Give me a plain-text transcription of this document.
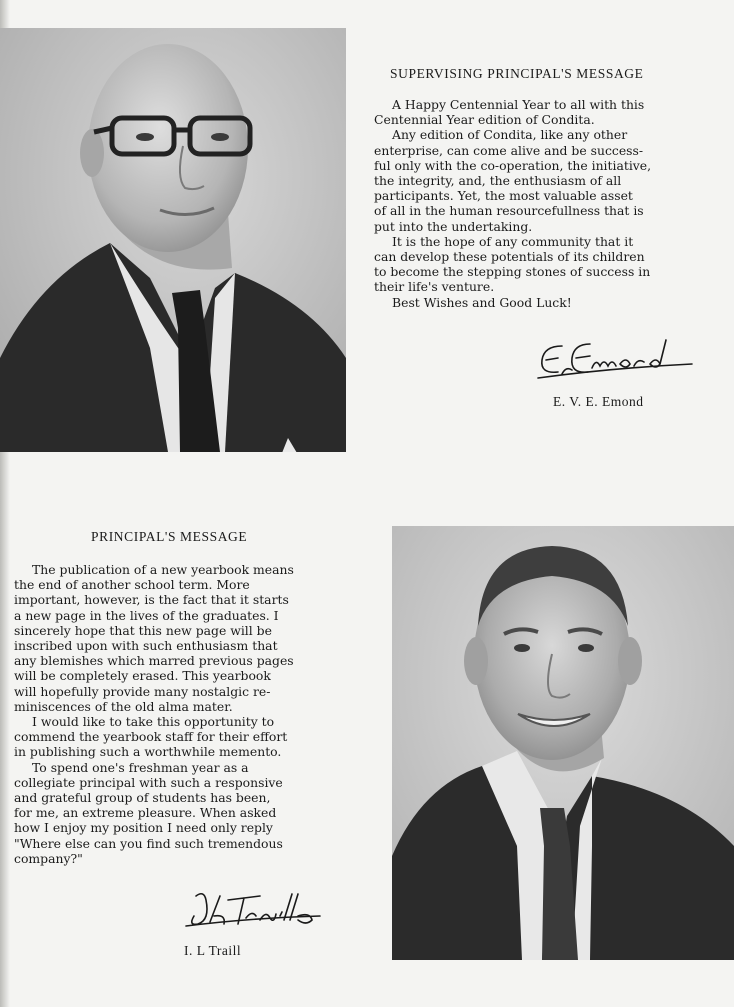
SUPERVISING PRINCIPAL'S MESSAGE
A Happy Centennial Year to all with this
Centennial Year edition of Condita.
Any edition of Condita, like any other
enterprise, can come alive and be success-
ful only with the co-operation, the initiative,
the integrity, and, the enthusiasm of all
participants. Yet, the most valuable asset
of all in the human resourcefullness that is
put into the undertaking.
It is the hope of any community that it
can develop these potentials of its children
to become the stepping stones of success in
their life's venture.
Best Wishes and Good Luck!

E. V. E. Emond

PRINCIPAL'S MESSAGE
The publication of a new yearbook means
the end of another school term. More
important, however, is the fact that it starts
a new page in the lives of the graduates. I
sincerely hope that this new page will be
inscribed upon with such enthusiasm that
any blemishes which marred previous pages
will be completely erased. This yearbook
will hopefully provide many nostalgic re-
miniscences of the old alma mater.
I would like to take this opportunity to
commend the yearbook staff for their effort
in publishing such a worthwhile memento.
To spend one's freshman year as a
collegiate principal with such a responsive
and grateful group of students has been,
for me, an extreme pleasure. When asked
how I enjoy my position I need only reply
"Where else can you find such tremendous
company?"

I. L Traill
